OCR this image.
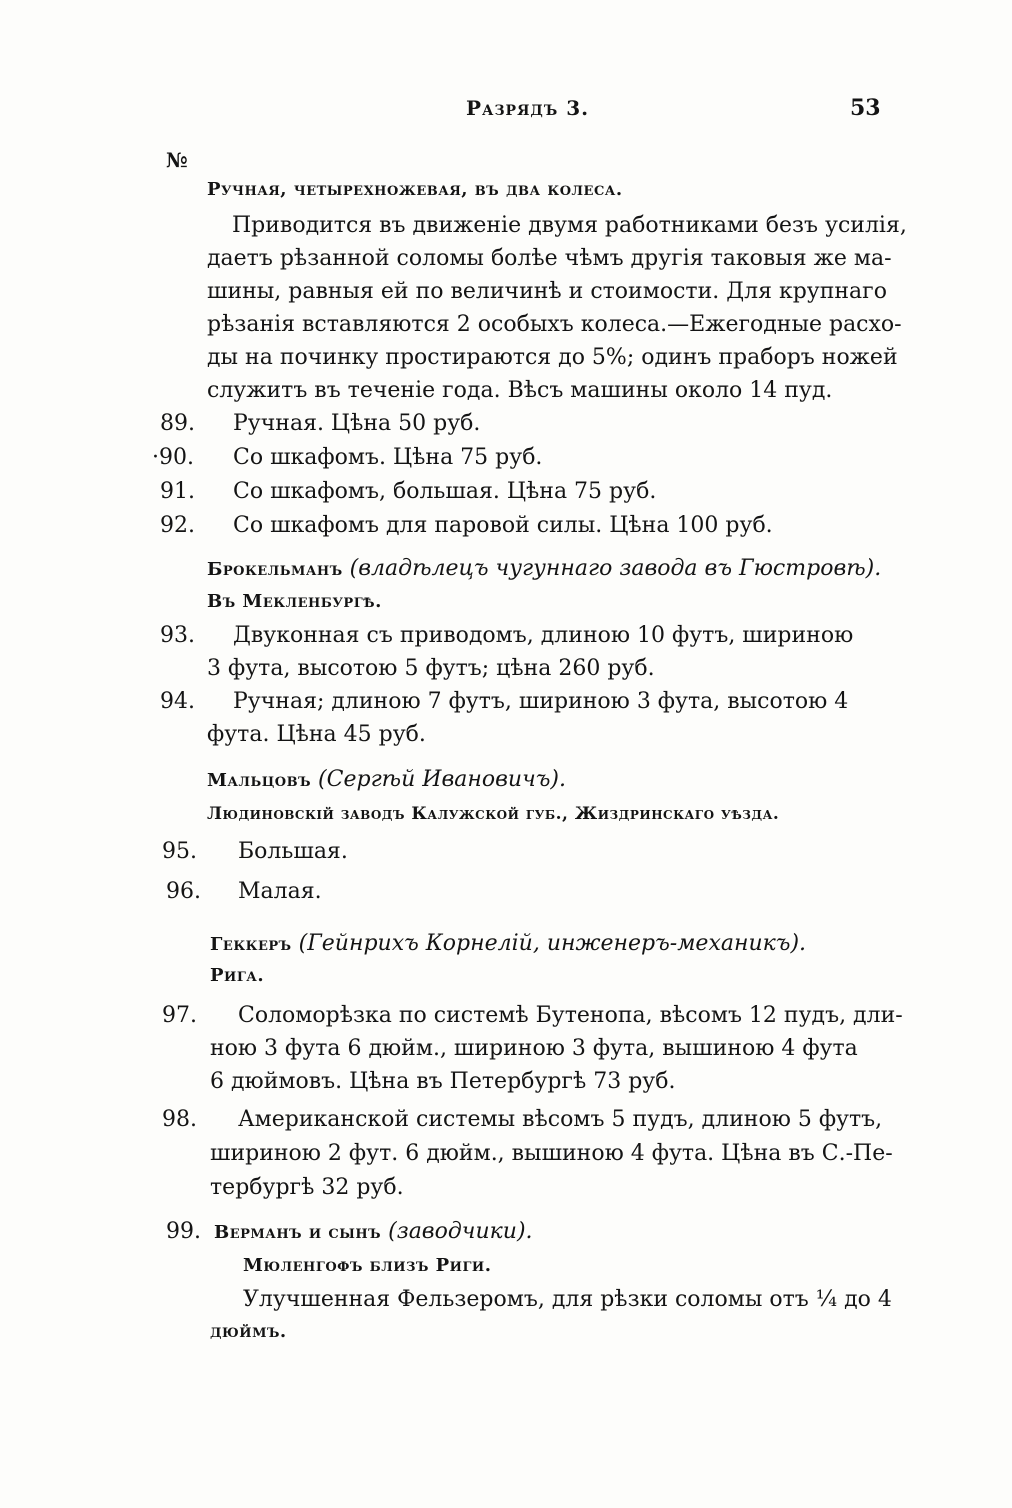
Разрядъ 3.	53
№
Ручная, четырехножевая, въ два колеса.
Приводится въ движеніе двумя работниками безъ усилія,
даетъ рѣзанной соломы болѣе чѣмъ другія таковыя же ма-
шины, равныя ей по величинѣ и стоимости. Для крупнаго
рѣзанія вставляются 2 особыхъ колеса.—Ежегодные расхо-
ды на починку простираются до 5%; одинъ праборъ ножей
служитъ въ теченіе года. Вѣсъ машины около 14 пуд.
89. Ручная. Цѣна 50 руб.
·90. Со шкафомъ. Цѣна 75 руб.
91. Со шкафомъ, большая. Цѣна 75 руб.
92. Со шкафомъ для паровой силы. Цѣна 100 руб.
Брокельманъ (владѣлецъ чугуннаго завода въ Гюстровѣ).
Въ Мекленбургѣ.
93. Двуконная съ приводомъ, длиною 10 футъ, шириною
3 фута, высотою 5 футъ; цѣна 260 руб.
94. Ручная; длиною 7 футъ, шириною 3 фута, высотою 4
фута. Цѣна 45 руб.
Мальцовъ (Сергѣй Ивановичъ).
Людиновскій заводъ Калужской губ., Жиздринскаго уѣзда.
95. Большая.
96. Малая.
Геккеръ (Гейнрихъ Корнелій, инженеръ-механикъ).
Рига.
97. Соломорѣзка по системѣ Бутенопа, вѣсомъ 12 пудъ, дли-
ною 3 фута 6 дюйм., шириною 3 фута, вышиною 4 фута
6 дюймовъ. Цѣна въ Петербургѣ 73 руб.
98. Американской системы вѣсомъ 5 пудъ, длиною 5 футъ,
шириною 2 фут. 6 дюйм., вышиною 4 фута. Цѣна въ С.-Пе-
тербургѣ 32 руб.
99. Верманъ и сынъ (заводчики).
Мюленгофъ близъ Риги.
Улучшенная Фельзеромъ, для рѣзки соломы отъ ¼ до 4
дюймъ.
